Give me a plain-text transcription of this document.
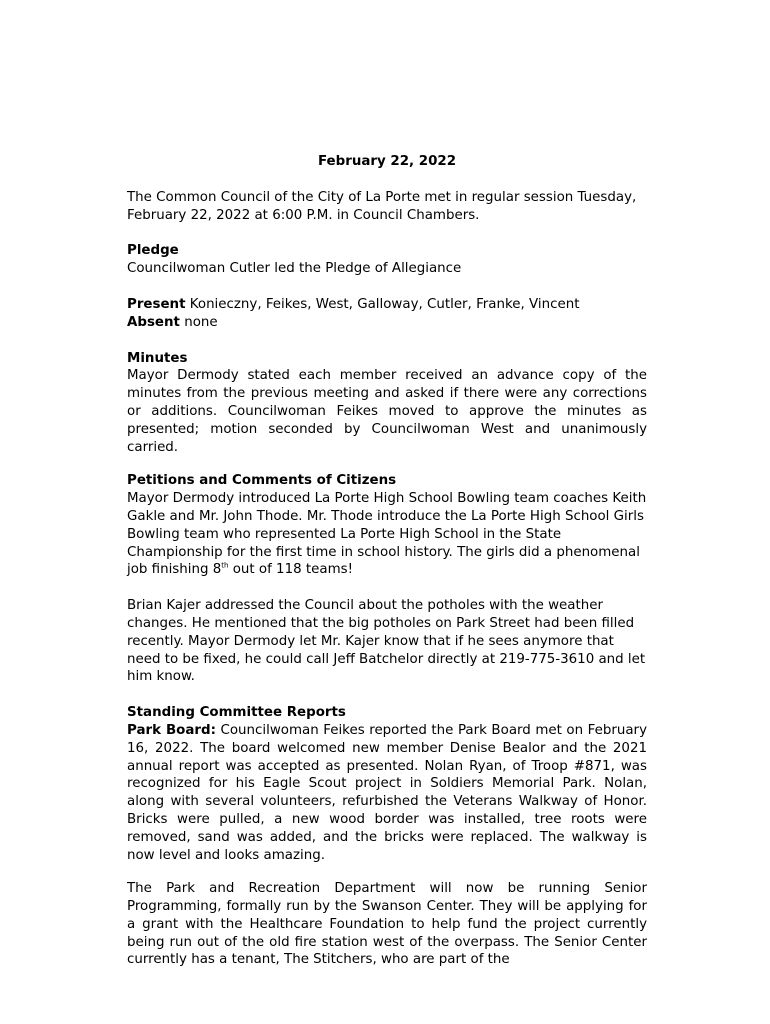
February 22, 2022

The Common Council of the City of La Porte met in regular session Tuesday, February 22, 2022 at 6:00 P.M. in Council Chambers.

Pledge

Councilwoman Cutler led the Pledge of Allegiance

Present Konieczny, Feikes, West, Galloway, Cutler, Franke, Vincent

Absent none

Minutes

Mayor Dermody stated each member received an advance copy of the minutes from the previous meeting and asked if there were any corrections or additions. Councilwoman Feikes moved to approve the minutes as presented; motion seconded by Councilwoman West and unanimously carried.

Petitions and Comments of Citizens

Mayor Dermody introduced La Porte High School Bowling team coaches Keith Gakle and Mr. John Thode. Mr. Thode introduce the La Porte High School Girls Bowling team who represented La Porte High School in the State Championship for the first time in school history. The girls did a phenomenal job finishing 8th out of 118 teams!

Brian Kajer addressed the Council about the potholes with the weather changes. He mentioned that the big potholes on Park Street had been filled recently. Mayor Dermody let Mr. Kajer know that if he sees anymore that need to be fixed, he could call Jeff Batchelor directly at 219-775-3610 and let him know.

Standing Committee Reports

Park Board: Councilwoman Feikes reported the Park Board met on February 16, 2022. The board welcomed new member Denise Bealor and the 2021 annual report was accepted as presented. Nolan Ryan, of Troop #871, was recognized for his Eagle Scout project in Soldiers Memorial Park. Nolan, along with several volunteers, refurbished the Veterans Walkway of Honor. Bricks were pulled, a new wood border was installed, tree roots were removed, sand was added, and the bricks were replaced. The walkway is now level and looks amazing.

The Park and Recreation Department will now be running Senior Programming, formally run by the Swanson Center. They will be applying for a grant with the Healthcare Foundation to help fund the project currently being run out of the old fire station west of the overpass. The Senior Center currently has a tenant, The Stitchers, who are part of the
